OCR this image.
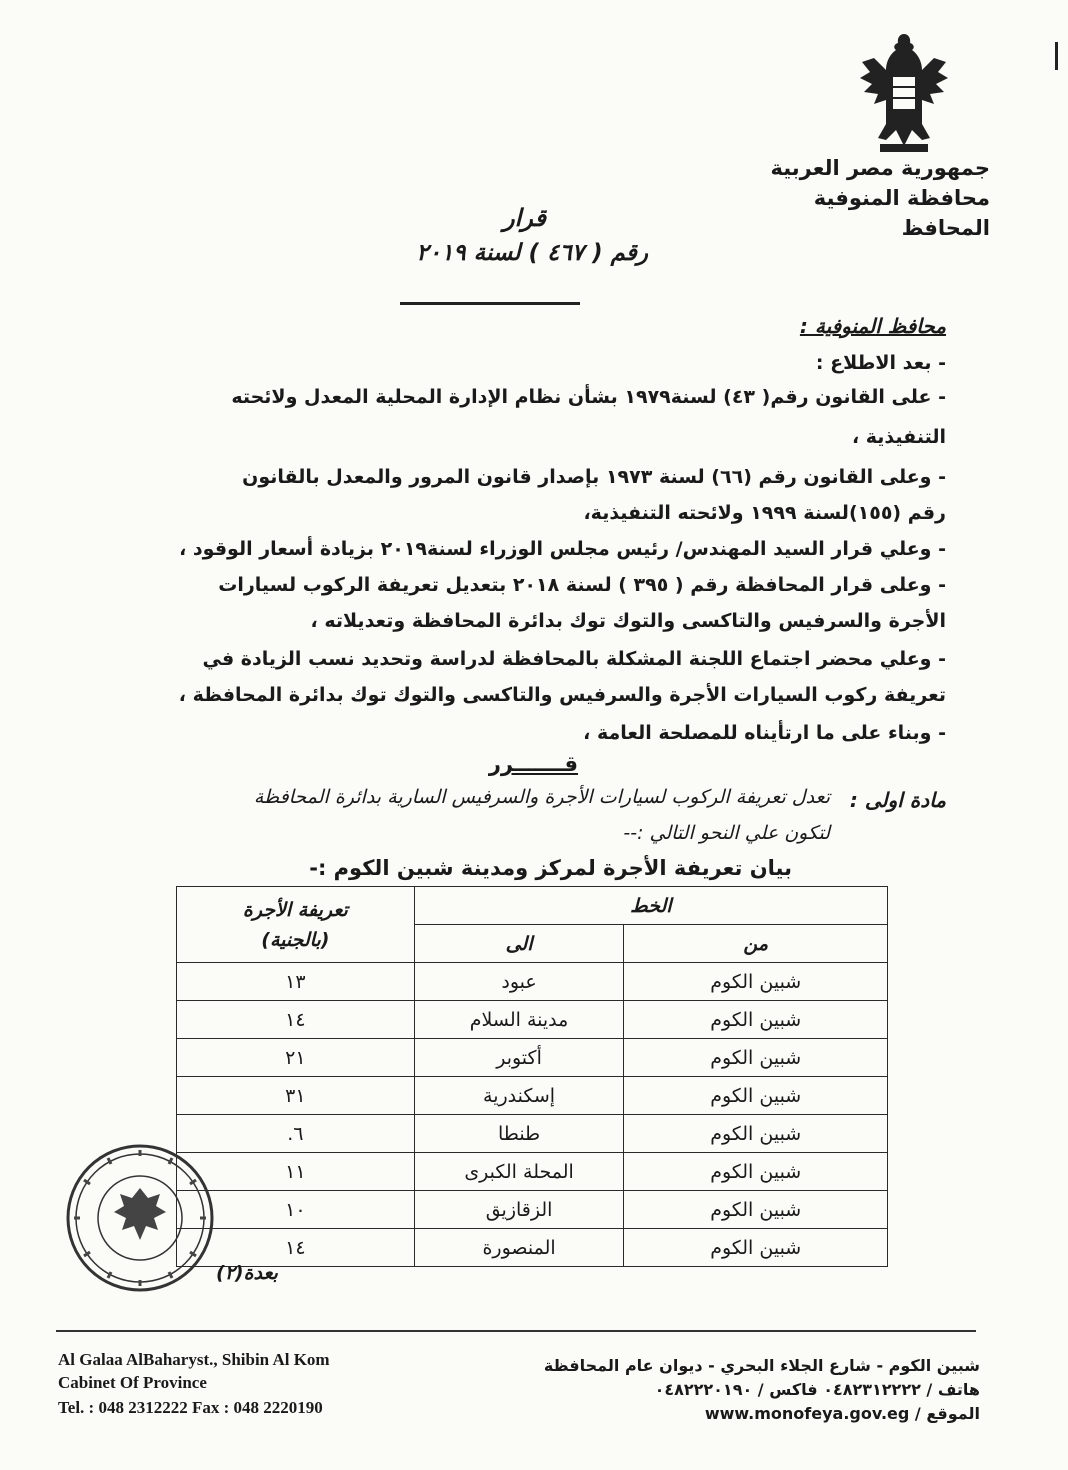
جمهورية مصر العربية
محافظة المنوفية
المحافظ
قرار
رقم ( ٤٦٧ ) لسنة ٢٠١٩
محافظ المنوفية :
- بعد الاطلاع :
- على القانون رقم( ٤٣) لسنة١٩٧٩ بشأن نظام الإدارة المحلية المعدل ولائحته
التنفيذية ،
- وعلى القانون رقم (٦٦) لسنة ١٩٧٣ بإصدار قانون المرور والمعدل بالقانون
رقم (١٥٥)لسنة ١٩٩٩ ولائحته التنفيذية،
- وعلي قرار السيد المهندس/ رئيس مجلس الوزراء لسنة٢٠١٩ بزيادة أسعار الوقود ،
- وعلى قرار المحافظة رقم ( ٣٩٥ ) لسنة ٢٠١٨ بتعديل تعريفة الركوب لسيارات
الأجرة والسرفيس والتاكسى والتوك توك بدائرة المحافظة وتعديلاته ،
- وعلي محضر اجتماع اللجنة المشكلة بالمحافظة لدراسة وتحديد نسب الزيادة في
تعريفة ركوب السيارات الأجرة والسرفيس والتاكسى والتوك توك بدائرة المحافظة ،
- وبناء على ما ارتأيناه للمصلحة العامة ،
قـــــــرر
مادة اولى :
تعدل تعريفة الركوب لسيارات الأجرة والسرفيس السارية بدائرة المحافظة
لتكون علي النحو التالي :--
بيان تعريفة الأجرة لمركز ومدينة شبين الكوم :-
الخط		تعريفة الأجرة
(بالجنية)

من	الى	
شبين الكوم	عبود	١٣
شبين الكوم	مدينة السلام	١٤
شبين الكوم	أكتوبر	٢١
شبين الكوم	إسكندرية	٣١
شبين الكوم	طنطا	٦.
شبين الكوم	المحلة الكبرى	١١
شبين الكوم	الزقازيق	١٠
شبين الكوم	المنصورة	١٤
بعدة(٢)
Al Galaa AlBaharyst., Shibin Al Kom
Cabinet Of Province
Tel. : 048 2312222 Fax : 048 2220190
شبين الكوم - شارع الجلاء البحري - ديوان عام المحافظة
هاتف / ٠٤٨٢٣١٢٢٢٢ فاكس / ٠٤٨٢٢٢٠١٩٠
www.monofeya.gov.eg / الموقع
